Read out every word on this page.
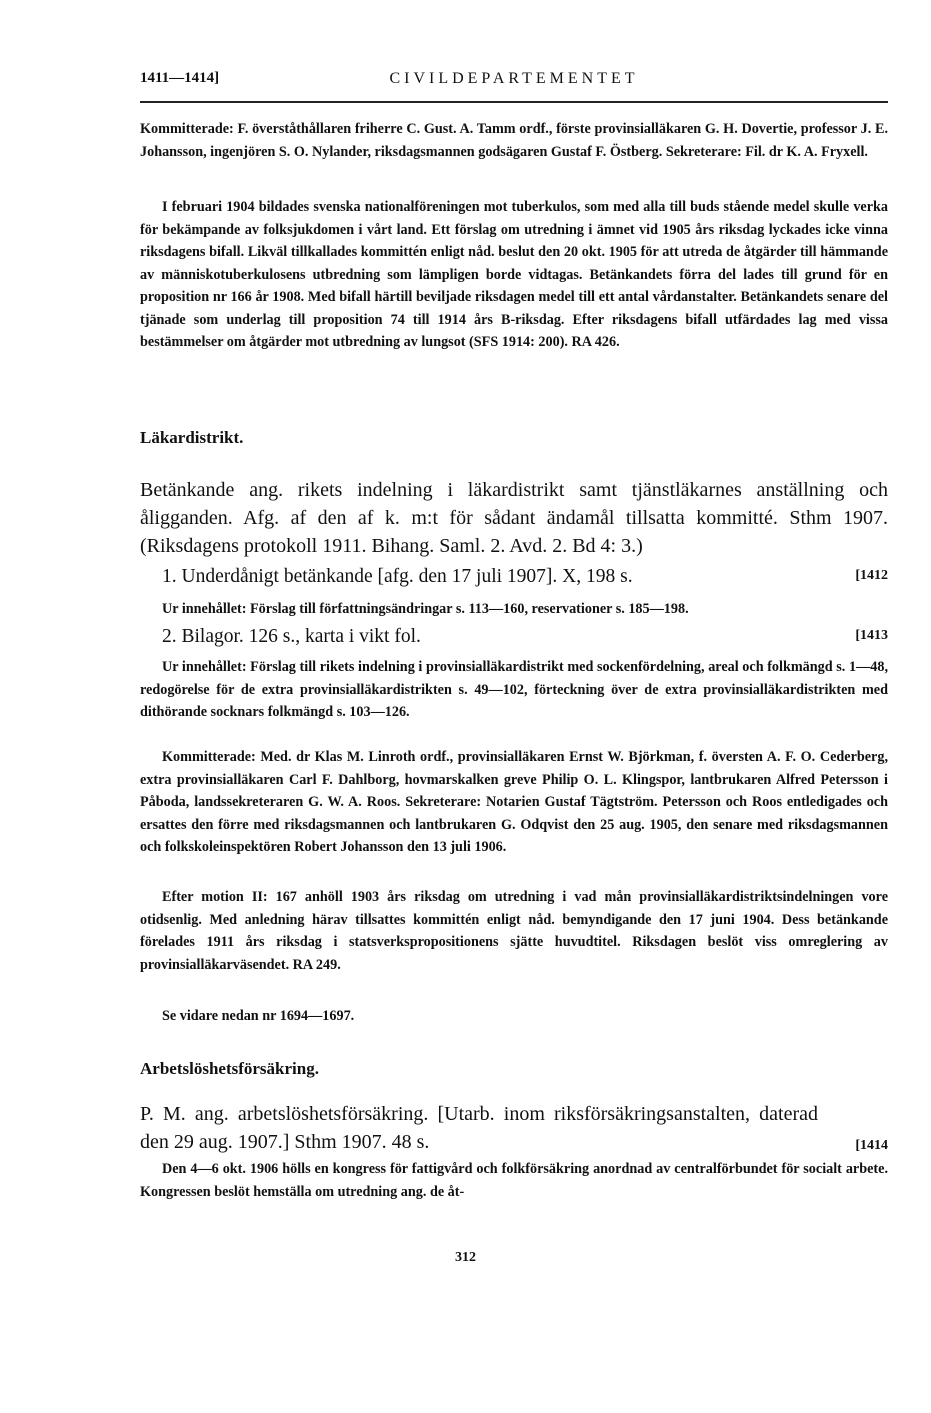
1411—1414]	CIVILDEPARTEMENTET

Kommitterade: F. överståthållaren friherre C. Gust. A. Tamm ordf., förste provinsialläkaren G. H. Dovertie, professor J. E. Johansson, ingenjören S. O. Nylander, riksdagsmannen godsägaren Gustaf F. Östberg. Sekreterare: Fil. dr K. A. Fryxell.

I februari 1904 bildades svenska nationalföreningen mot tuberkulos, som med alla till buds stående medel skulle verka för bekämpande av folksjukdomen i vårt land. Ett förslag om utredning i ämnet vid 1905 års riksdag lyckades icke vinna riksdagens bifall. Likväl tillkallades kommittén enligt nåd. beslut den 20 okt. 1905 för att utreda de åtgärder till hämmande av människotuberkulosens utbredning som lämpligen borde vidtagas. Betänkandets förra del lades till grund för en proposition nr 166 år 1908. Med bifall härtill beviljade riksdagen medel till ett antal vårdanstalter. Betänkandets senare del tjänade som underlag till proposition 74 till 1914 års B-riksdag. Efter riksdagens bifall utfärdades lag med vissa bestämmelser om åtgärder mot utbredning av lungsot (SFS 1914: 200). RA 426.

Läkardistrikt.

Betänkande ang. rikets indelning i läkardistrikt samt tjänstläkarnes anställning och åligganden. Afg. af den af k. m:t för sådant ändamål tillsatta kommitté. Sthm 1907. (Riksdagens protokoll 1911. Bihang. Saml. 2. Avd. 2. Bd 4: 3.)

1. Underdånigt betänkande [afg. den 17 juli 1907]. X, 198 s.	[1412

Ur innehållet: Förslag till författningsändringar s. 113—160, reservationer s. 185—198.

2. Bilagor. 126 s., karta i vikt fol.	[1413

Ur innehållet: Förslag till rikets indelning i provinsialläkardistrikt med sockenfördelning, areal och folkmängd s. 1—48, redogörelse för de extra provinsialläkardistrikten s. 49—102, förteckning över de extra provinsialläkardistrikten med dithörande socknars folkmängd s. 103—126.

Kommitterade: Med. dr Klas M. Linroth ordf., provinsialläkaren Ernst W. Björkman, f. översten A. F. O. Cederberg, extra provinsialläkaren Carl F. Dahlborg, hovmarskalken greve Philip O. L. Klingspor, lantbrukaren Alfred Petersson i Påboda, landssekreteraren G. W. A. Roos. Sekreterare: Notarien Gustaf Tägtström. Petersson och Roos entledigades och ersattes den förre med riksdagsmannen och lantbrukaren G. Odqvist den 25 aug. 1905, den senare med riksdagsmannen och folkskoleinspektören Robert Johansson den 13 juli 1906.

Efter motion II: 167 anhöll 1903 års riksdag om utredning i vad mån provinsialläkardistriktsindelningen vore otidsenlig. Med anledning härav tillsattes kommittén enligt nåd. bemyndigande den 17 juni 1904. Dess betänkande förelades 1911 års riksdag i statsverkspropositionens sjätte huvudtitel. Riksdagen beslöt viss omreglering av provinsialläkarväsendet. RA 249.

Se vidare nedan nr 1694—1697.

Arbetslöshetsförsäkring.
P. M. ang. arbetslöshetsförsäkring. [Utarb. inom riksförsäkringsanstalten, daterad den 29 aug. 1907.] Sthm 1907. 48 s.	[1414

Den 4—6 okt. 1906 hölls en kongress för fattigvård och folkförsäkring anordnad av centralförbundet för socialt arbete. Kongressen beslöt hemställa om utredning ang. de åt-

312
